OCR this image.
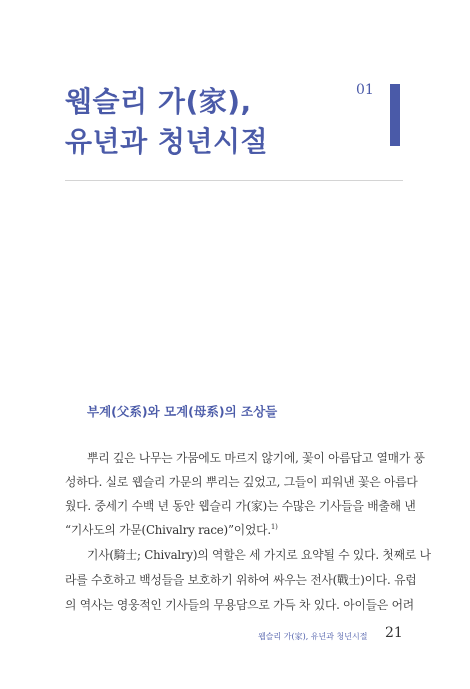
웹슬리 가(家),
유년과 청년시절
01
부계(父系)와 모계(母系)의 조상들
뿌리 깊은 나무는 가뭄에도 마르지 않기에, 꽃이 아름답고 열매가 풍
성하다. 실로 웹슬리 가문의 뿌리는 깊었고, 그들이 피워낸 꽃은 아름다
웠다. 중세기 수백 년 동안 웹슬리 가(家)는 수많은 기사들을 배출해 낸
“기사도의 가문(Chivalry race)”이었다.$^{1)}$
기사(騎士; Chivalry)의 역할은 세 가지로 요약될 수 있다. 첫째로 나
라를 수호하고 백성들을 보호하기 위하여 싸우는 전사(戰士)이다. 유럽
의 역사는 영웅적인 기사들의 무용담으로 가득 차 있다. 아이들은 어려
웹슬리 가(家), 유년과 청년시절 21
